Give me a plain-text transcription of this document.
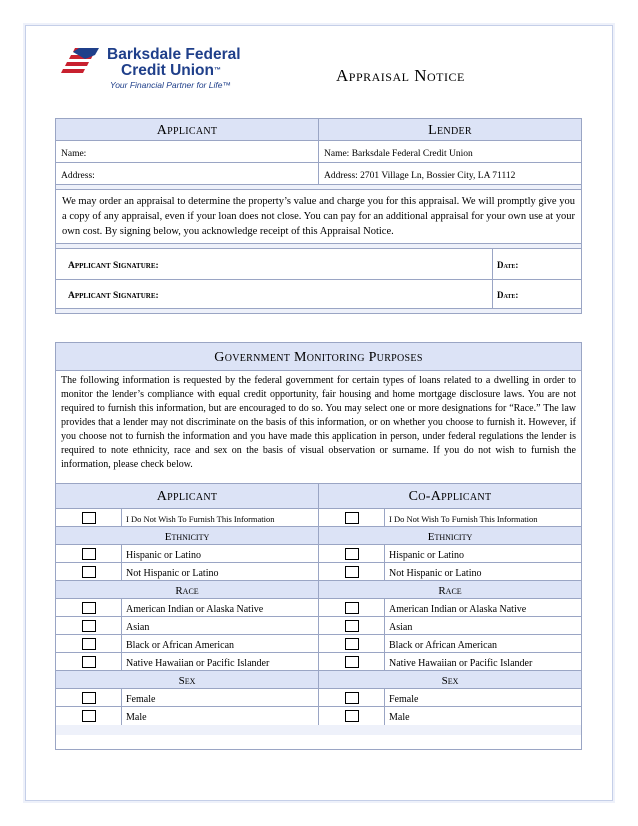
Barksdale Federal
Credit Union™
Your Financial Partner for Life™	Appraisal Notice
Applicant	Lender
Name:	Name: Barksdale Federal Credit Union
Address:	Address: 2701 Village Ln, Bossier City, LA 71112
We may order an appraisal to determine the property’s value and charge you for this appraisal. We will promptly give you a copy of any appraisal, even if your loan does not close. You can pay for an additional appraisal for your own use at your own cost. By signing below, you acknowledge receipt of this Appraisal Notice.
Applicant Signature:	Date:
Applicant Signature:	Date:
Government Monitoring Purposes
The following information is requested by the federal government for certain types of loans related to a dwelling in order to monitor the lender’s compliance with equal credit opportunity, fair housing and home mortgage disclosure laws. You are not required to furnish this information, but are encouraged to do so. You may select one or more designations for “Race.” The law provides that a lender may not discriminate on the basis of this information, or on whether you choose to furnish it. However, if you choose not to furnish the information and you have made this application in person, under federal regulations the lender is required to note ethnicity, race and sex on the basis of visual observation or surname. If you do not wish to furnish the information, please check below.
Applicant	Co-Applicant
I Do Not Wish To Furnish This Information	I Do Not Wish To Furnish This Information
Ethnicity	Ethnicity
Hispanic or Latino	Hispanic or Latino
Not Hispanic or Latino	Not Hispanic or Latino
Race	Race
American Indian or Alaska Native	American Indian or Alaska Native
Asian	Asian
Black or African American	Black or African American
Native Hawaiian or Pacific Islander	Native Hawaiian or Pacific Islander
Sex	Sex
Female	Female
Male	Male
